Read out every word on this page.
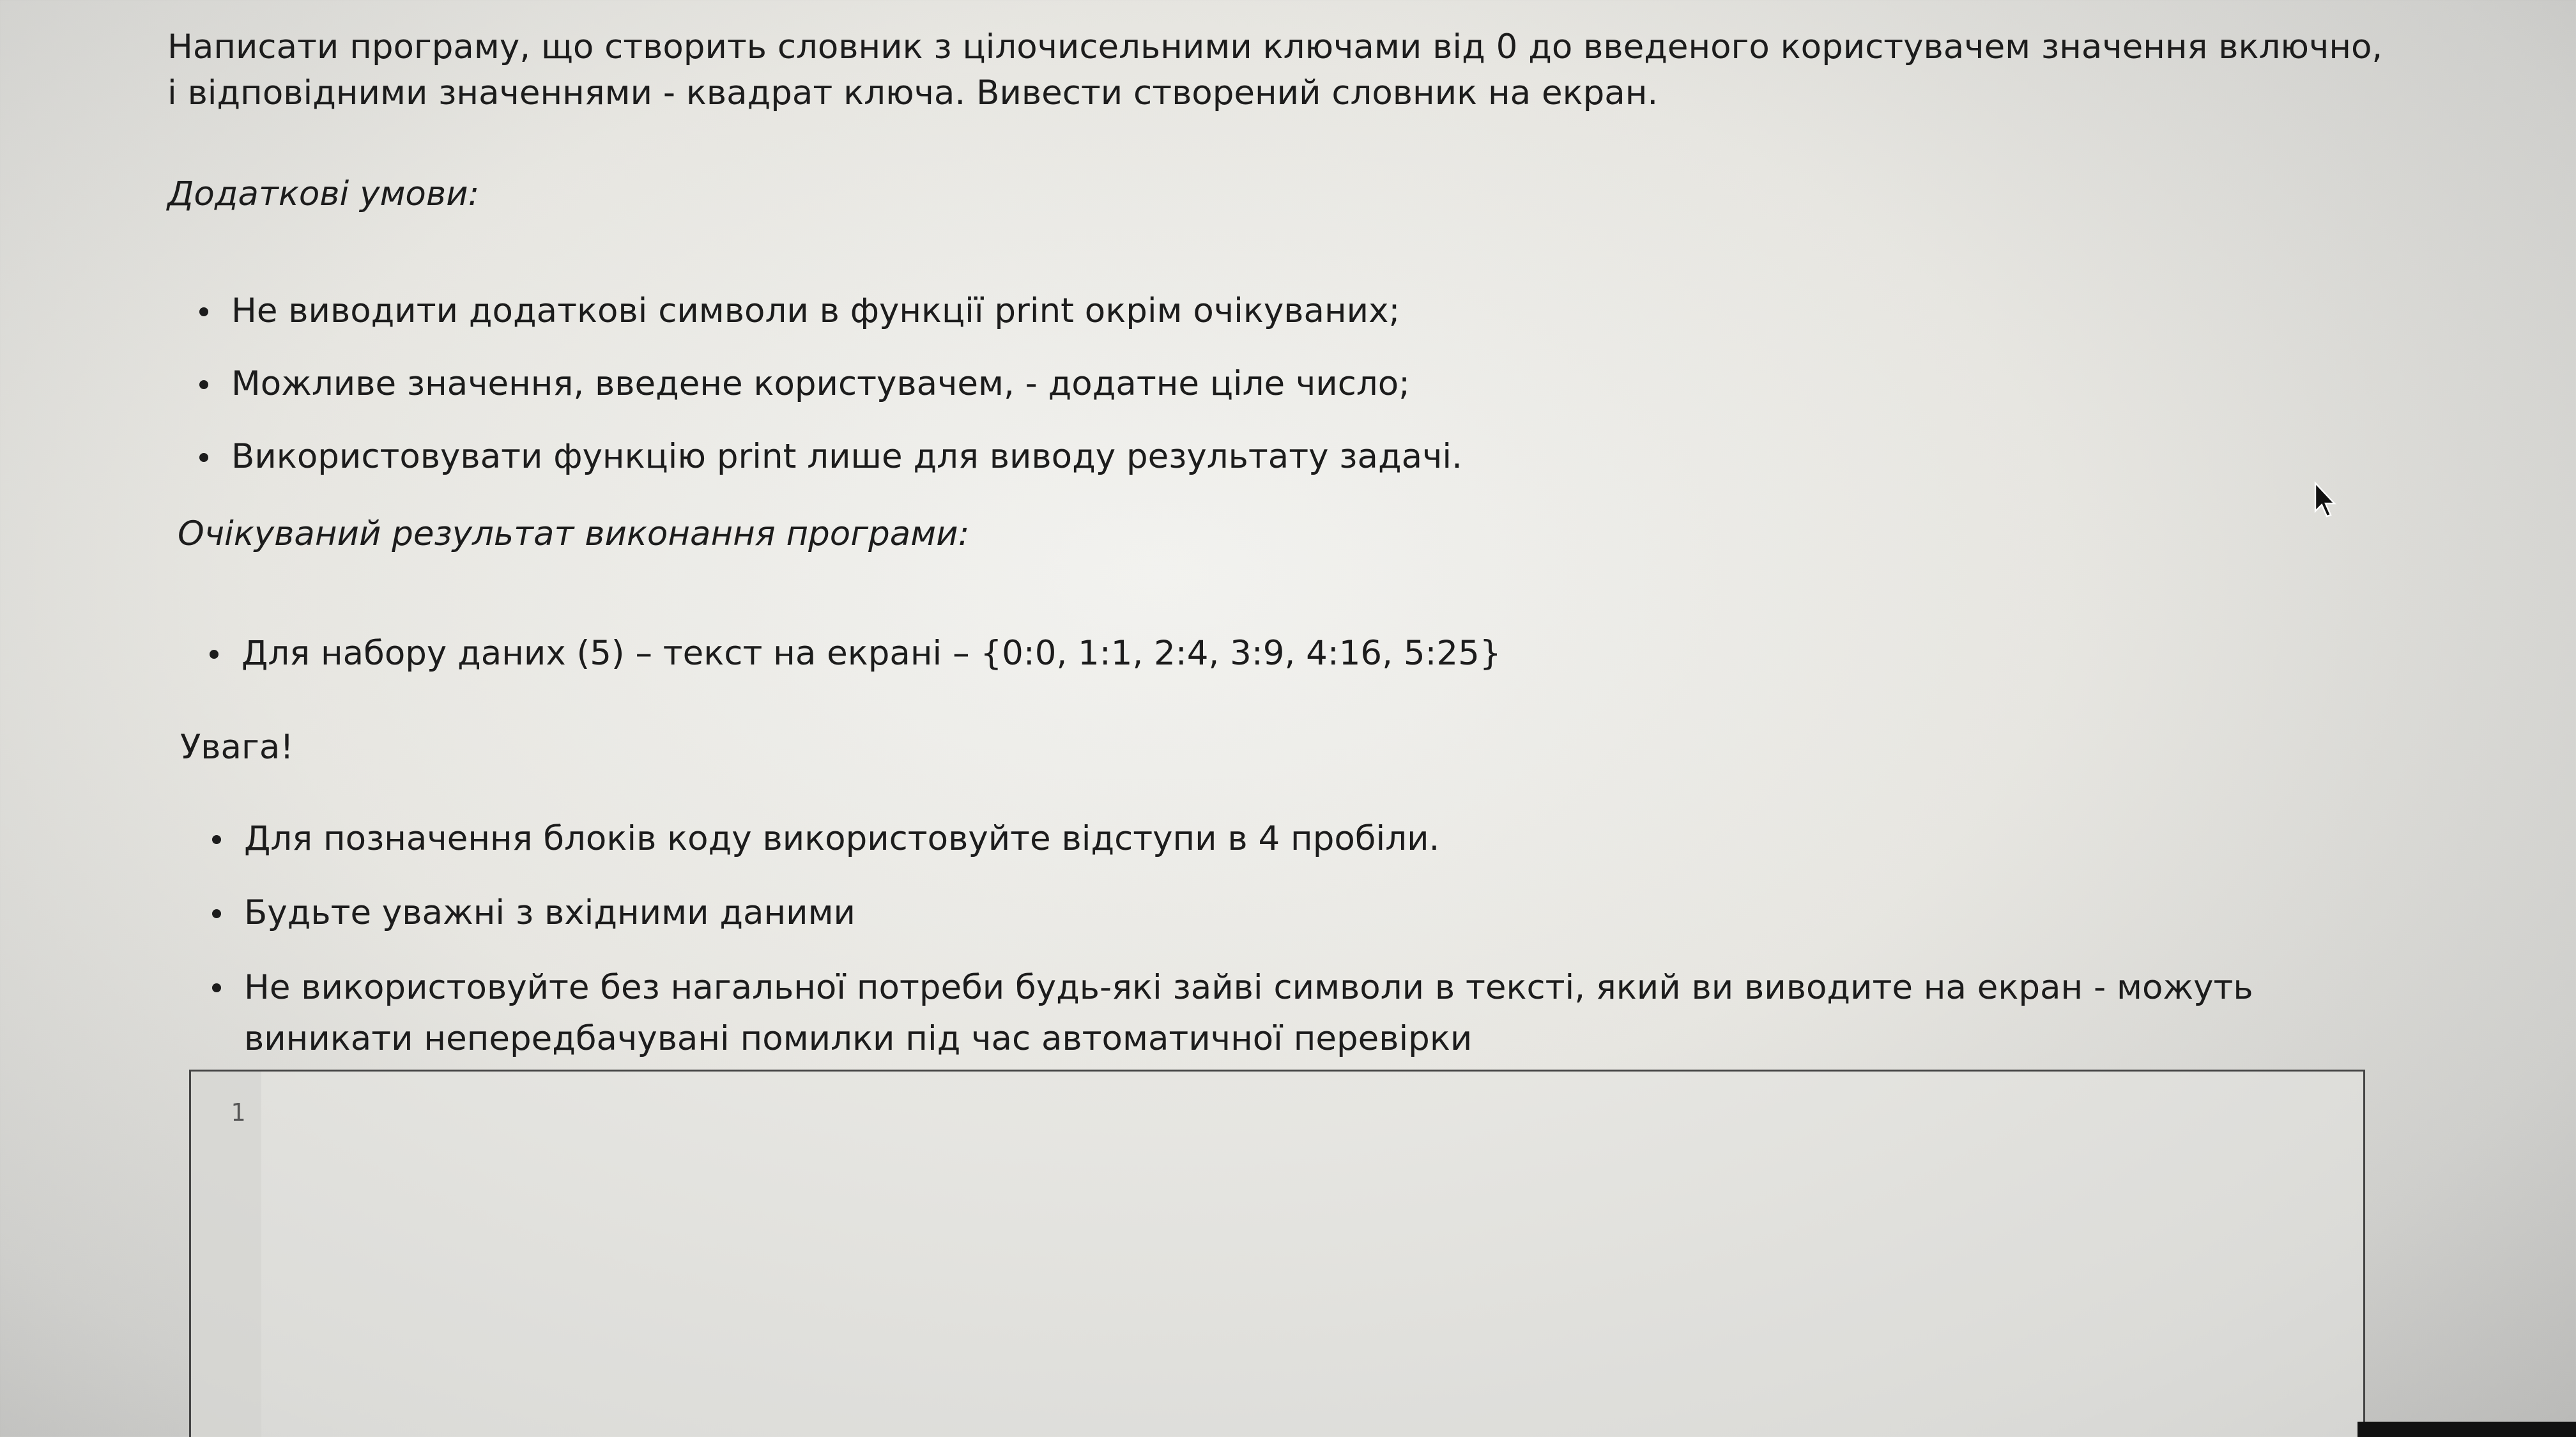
Написати програму, що створить словник з цілочисельними ключами від 0 до введеного користувачем значення включно, і відповідними значеннями - квадрат ключа. Вивести створений словник на екран.

Додаткові умови:

Не виводити додаткові символи в функції print окрім очікуваних;
Можливе значення, введене користувачем, - додатне ціле число;
Використовувати функцію print лише для виводу результату задачі.

Очікуваний результат виконання програми:

Для набору даних (5) – текст на екрані – {0:0, 1:1, 2:4, 3:9, 4:16, 5:25}

Увага!

Для позначення блоків коду використовуйте відступи в 4 пробіли.
Будьте уважні з вхідними даними
Не використовуйте без нагальної потреби будь-які зайві символи в тексті, який ви виводите на екран - можуть виникати непередбачувані помилки під час автоматичної перевірки
1
